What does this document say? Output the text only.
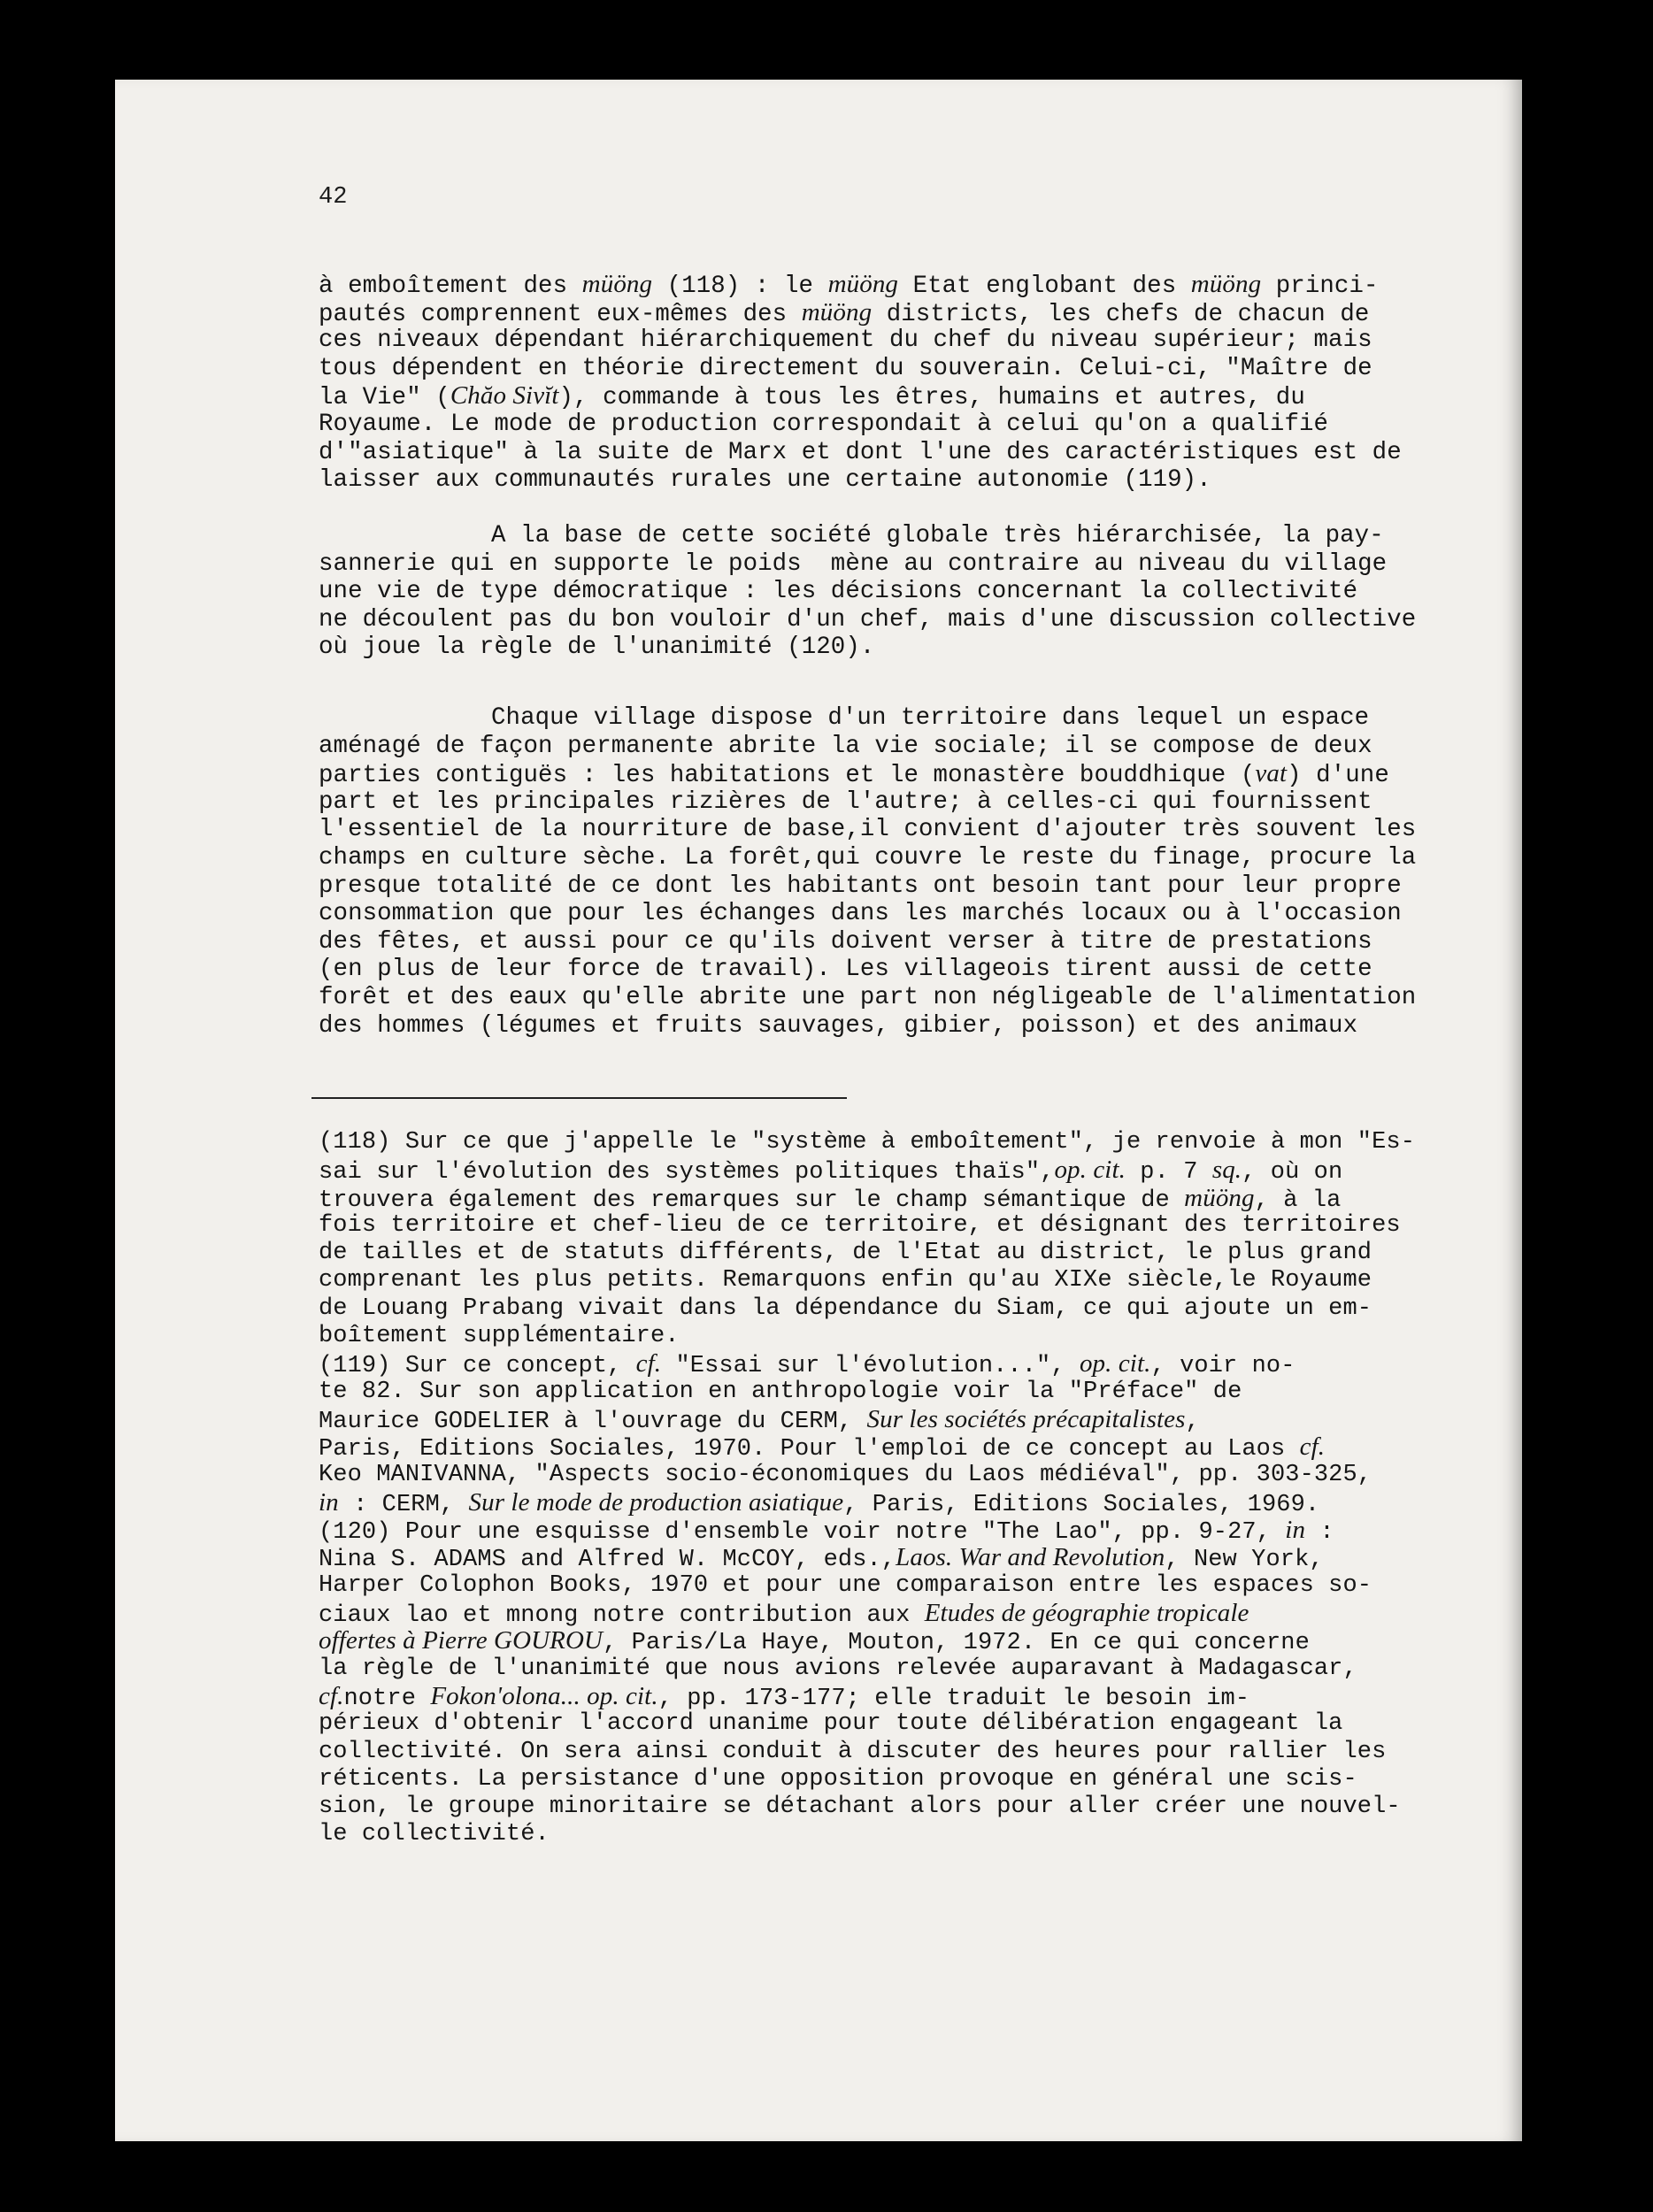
42
à emboîtement des müöng (118) : le müöng Etat englobant des müöng princi-
pautés comprennent eux-mêmes des müöng districts, les chefs de chacun de
ces niveaux dépendant hiérarchiquement du chef du niveau supérieur; mais
tous dépendent en théorie directement du souverain. Celui-ci, "Maître de
la Vie" (Chăo Sivĭt), commande à tous les êtres, humains et autres, du
Royaume. Le mode de production correspondait à celui qu'on a qualifié
d'"asiatique" à la suite de Marx et dont l'une des caractéristiques est de
laisser aux communautés rurales une certaine autonomie (119).
A la base de cette société globale très hiérarchisée, la pay-
sannerie qui en supporte le poids  mène au contraire au niveau du village
une vie de type démocratique : les décisions concernant la collectivité
ne découlent pas du bon vouloir d'un chef, mais d'une discussion collective
où joue la règle de l'unanimité (120).
Chaque village dispose d'un territoire dans lequel un espace
aménagé de façon permanente abrite la vie sociale; il se compose de deux
parties contiguës : les habitations et le monastère bouddhique (vat) d'une
part et les principales rizières de l'autre; à celles-ci qui fournissent
l'essentiel de la nourriture de base,il convient d'ajouter très souvent les
champs en culture sèche. La forêt,qui couvre le reste du finage, procure la
presque totalité de ce dont les habitants ont besoin tant pour leur propre
consommation que pour les échanges dans les marchés locaux ou à l'occasion
des fêtes, et aussi pour ce qu'ils doivent verser à titre de prestations
(en plus de leur force de travail). Les villageois tirent aussi de cette
forêt et des eaux qu'elle abrite une part non négligeable de l'alimentation
des hommes (légumes et fruits sauvages, gibier, poisson) et des animaux
(118) Sur ce que j'appelle le "système à emboîtement", je renvoie à mon "Es-
sai sur l'évolution des systèmes politiques thaïs",op. cit. p. 7 sq., où on
trouvera également des remarques sur le champ sémantique de müöng, à la
fois territoire et chef-lieu de ce territoire, et désignant des territoires
de tailles et de statuts différents, de l'Etat au district, le plus grand
comprenant les plus petits. Remarquons enfin qu'au XIXe siècle,le Royaume
de Louang Prabang vivait dans la dépendance du Siam, ce qui ajoute un em-
boîtement supplémentaire.
(119) Sur ce concept, cf. "Essai sur l'évolution...", op. cit., voir no-
te 82. Sur son application en anthropologie voir la "Préface" de
Maurice GODELIER à l'ouvrage du CERM, Sur les sociétés précapitalistes,
Paris, Editions Sociales, 1970. Pour l'emploi de ce concept au Laos cf.
Keo MANIVANNA, "Aspects socio-économiques du Laos médiéval", pp. 303-325,
in : CERM, Sur le mode de production asiatique, Paris, Editions Sociales, 1969.
(120) Pour une esquisse d'ensemble voir notre "The Lao", pp. 9-27, in :
Nina S. ADAMS and Alfred W. McCOY, eds.,Laos. War and Revolution, New York,
Harper Colophon Books, 1970 et pour une comparaison entre les espaces so-
ciaux lao et mnong notre contribution aux Etudes de géographie tropicale
offertes à Pierre GOUROU, Paris/La Haye, Mouton, 1972. En ce qui concerne
la règle de l'unanimité que nous avions relevée auparavant à Madagascar,
cf.notre Fokon'olona... op. cit., pp. 173-177; elle traduit le besoin im-
périeux d'obtenir l'accord unanime pour toute délibération engageant la
collectivité. On sera ainsi conduit à discuter des heures pour rallier les
réticents. La persistance d'une opposition provoque en général une scis-
sion, le groupe minoritaire se détachant alors pour aller créer une nouvel-
le collectivité.
